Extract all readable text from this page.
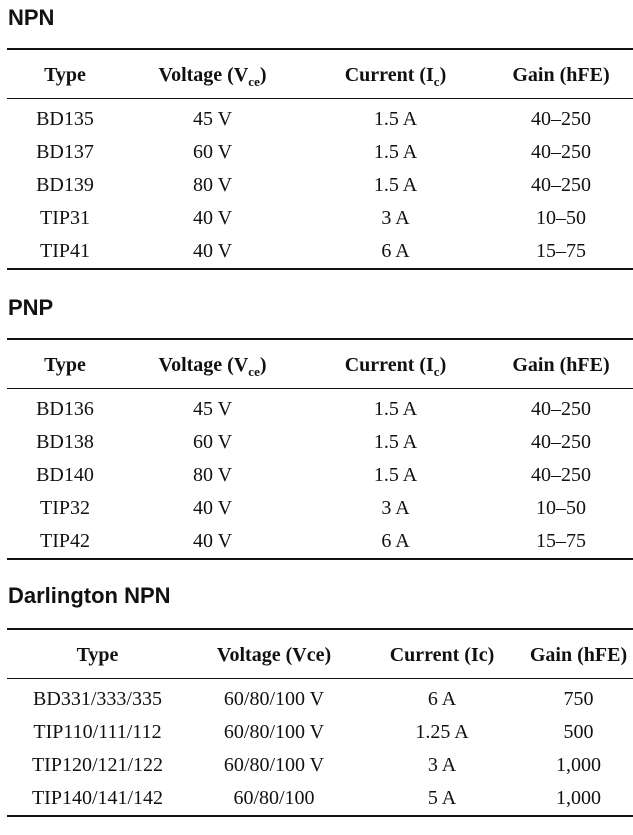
NPN
Type	Voltage $(V_{ce})$	Current $(I_c)$	Gain (hFE)
BD135	45 V	1.5 A	40–250
BD137	60 V	1.5 A	40–250
BD139	80 V	1.5 A	40–250
TIP31	40 V	3 A	10–50
TIP41	40 V	6 A	15–75
PNP
Type	Voltage $(V_{ce})$	Current $(I_c)$	Gain (hFE)
BD136	45 V	1.5 A	40–250
BD138	60 V	1.5 A	40–250
BD140	80 V	1.5 A	40–250
TIP32	40 V	3 A	10–50
TIP42	40 V	6 A	15–75
Darlington NPN
Type	Voltage (Vce)	Current (Ic)	Gain (hFE)
BD331/333/335	60/80/100 V	6 A	750
TIP110/111/112	60/80/100 V	1.25 A	500
TIP120/121/122	60/80/100 V	3 A	1,000
TIP140/141/142	60/80/100	5 A	1,000
